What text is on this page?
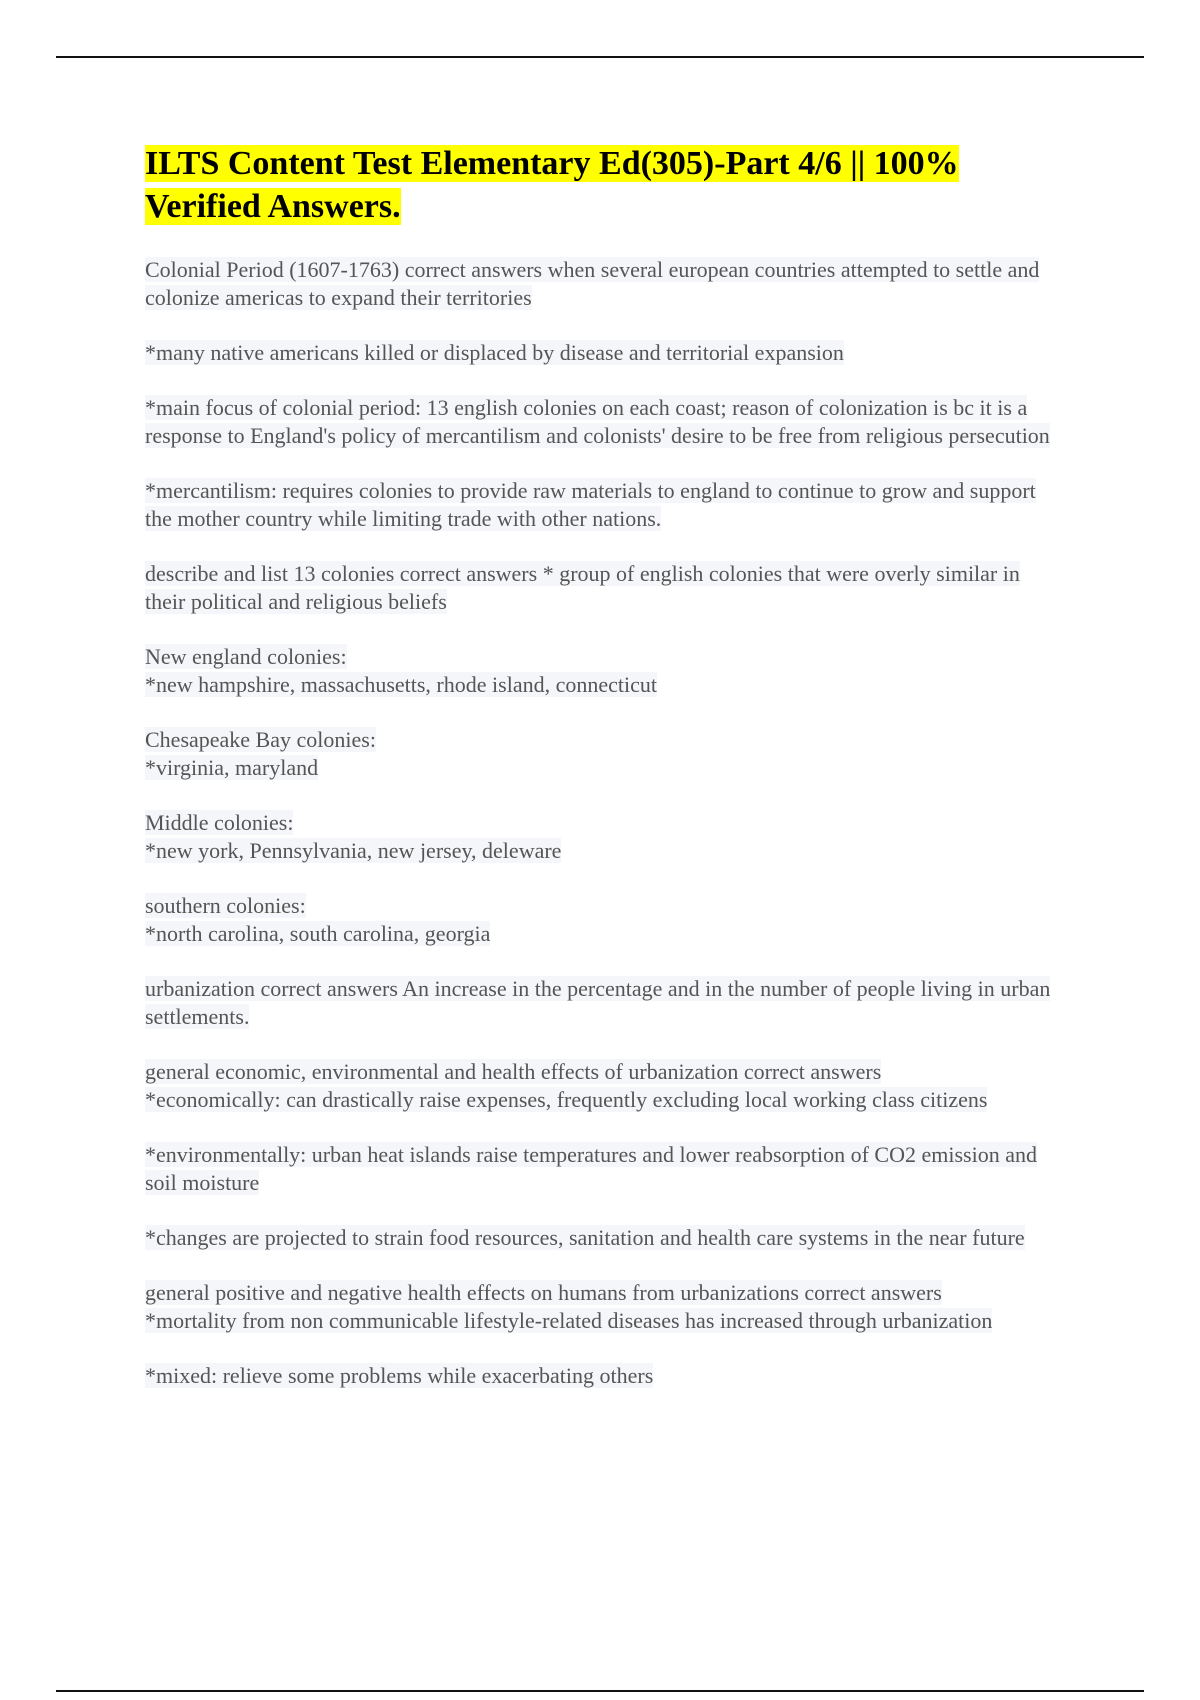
ILTS Content Test Elementary Ed(305)-Part 4/6 || 100%
Verified Answers.

Colonial Period (1607-1763) correct answers when several european countries attempted to settle and colonize americas to expand their territories

*many native americans killed or displaced by disease and territorial expansion

*main focus of colonial period: 13 english colonies on each coast; reason of colonization is bc it is a response to England's policy of mercantilism and colonists' desire to be free from religious persecution

*mercantilism: requires colonies to provide raw materials to england to continue to grow and support the mother country while limiting trade with other nations.

describe and list 13 colonies correct answers * group of english colonies that were overly similar in their political and religious beliefs

New england colonies:
*new hampshire, massachusetts, rhode island, connecticut

Chesapeake Bay colonies:
*virginia, maryland

Middle colonies:
*new york, Pennsylvania, new jersey, deleware

southern colonies:
*north carolina, south carolina, georgia

urbanization correct answers An increase in the percentage and in the number of people living in urban settlements.

general economic, environmental and health effects of urbanization correct answers
*economically: can drastically raise expenses, frequently excluding local working class citizens

*environmentally: urban heat islands raise temperatures and lower reabsorption of CO2 emission and soil moisture

*changes are projected to strain food resources, sanitation and health care systems in the near future

general positive and negative health effects on humans from urbanizations correct answers
*mortality from non communicable lifestyle-related diseases has increased through urbanization

*mixed: relieve some problems while exacerbating others
